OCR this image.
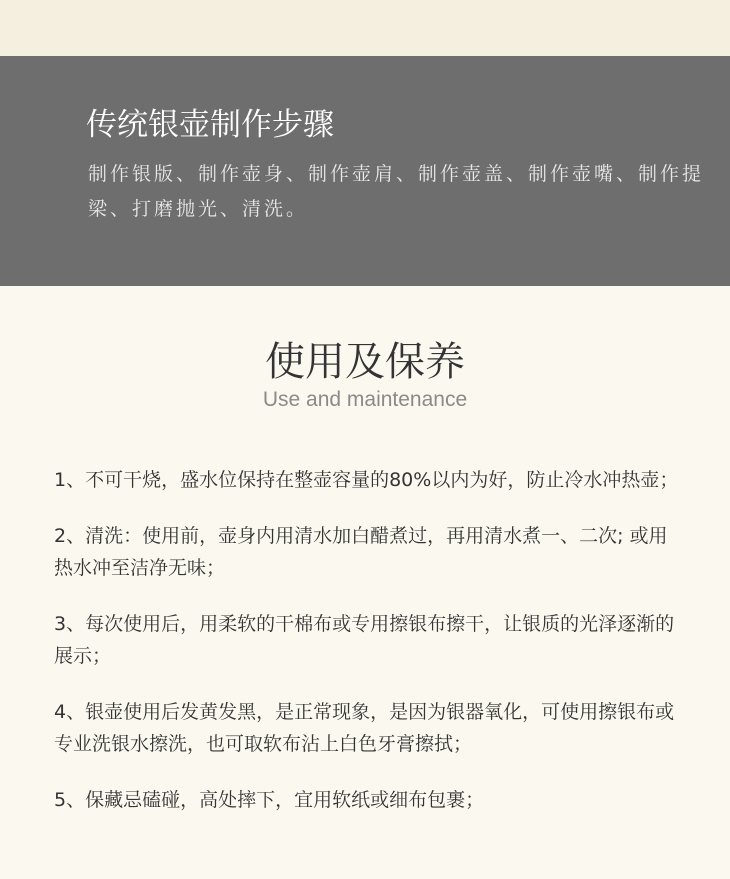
传统银壶制作步骤

制作银版、制作壶身、制作壶肩、制作壶盖、制作壶嘴、制作提梁、打磨抛光、清洗。

使用及保养
Use and maintenance
1、不可干烧，盛水位保持在整壶容量的80%以内为好，防止冷水冲热壶；
2、清洗：使用前，壶身内用清水加白醋煮过，再用清水煮一、二次; 或用热水冲至洁净无味；
3、每次使用后，用柔软的干棉布或专用擦银布擦干，让银质的光泽逐渐的展示；
4、银壶使用后发黄发黑，是正常现象，是因为银器氧化，可使用擦银布或专业洗银水擦洗，也可取软布沾上白色牙膏擦拭；
5、保藏忌磕碰，高处摔下，宜用软纸或细布包裹；
